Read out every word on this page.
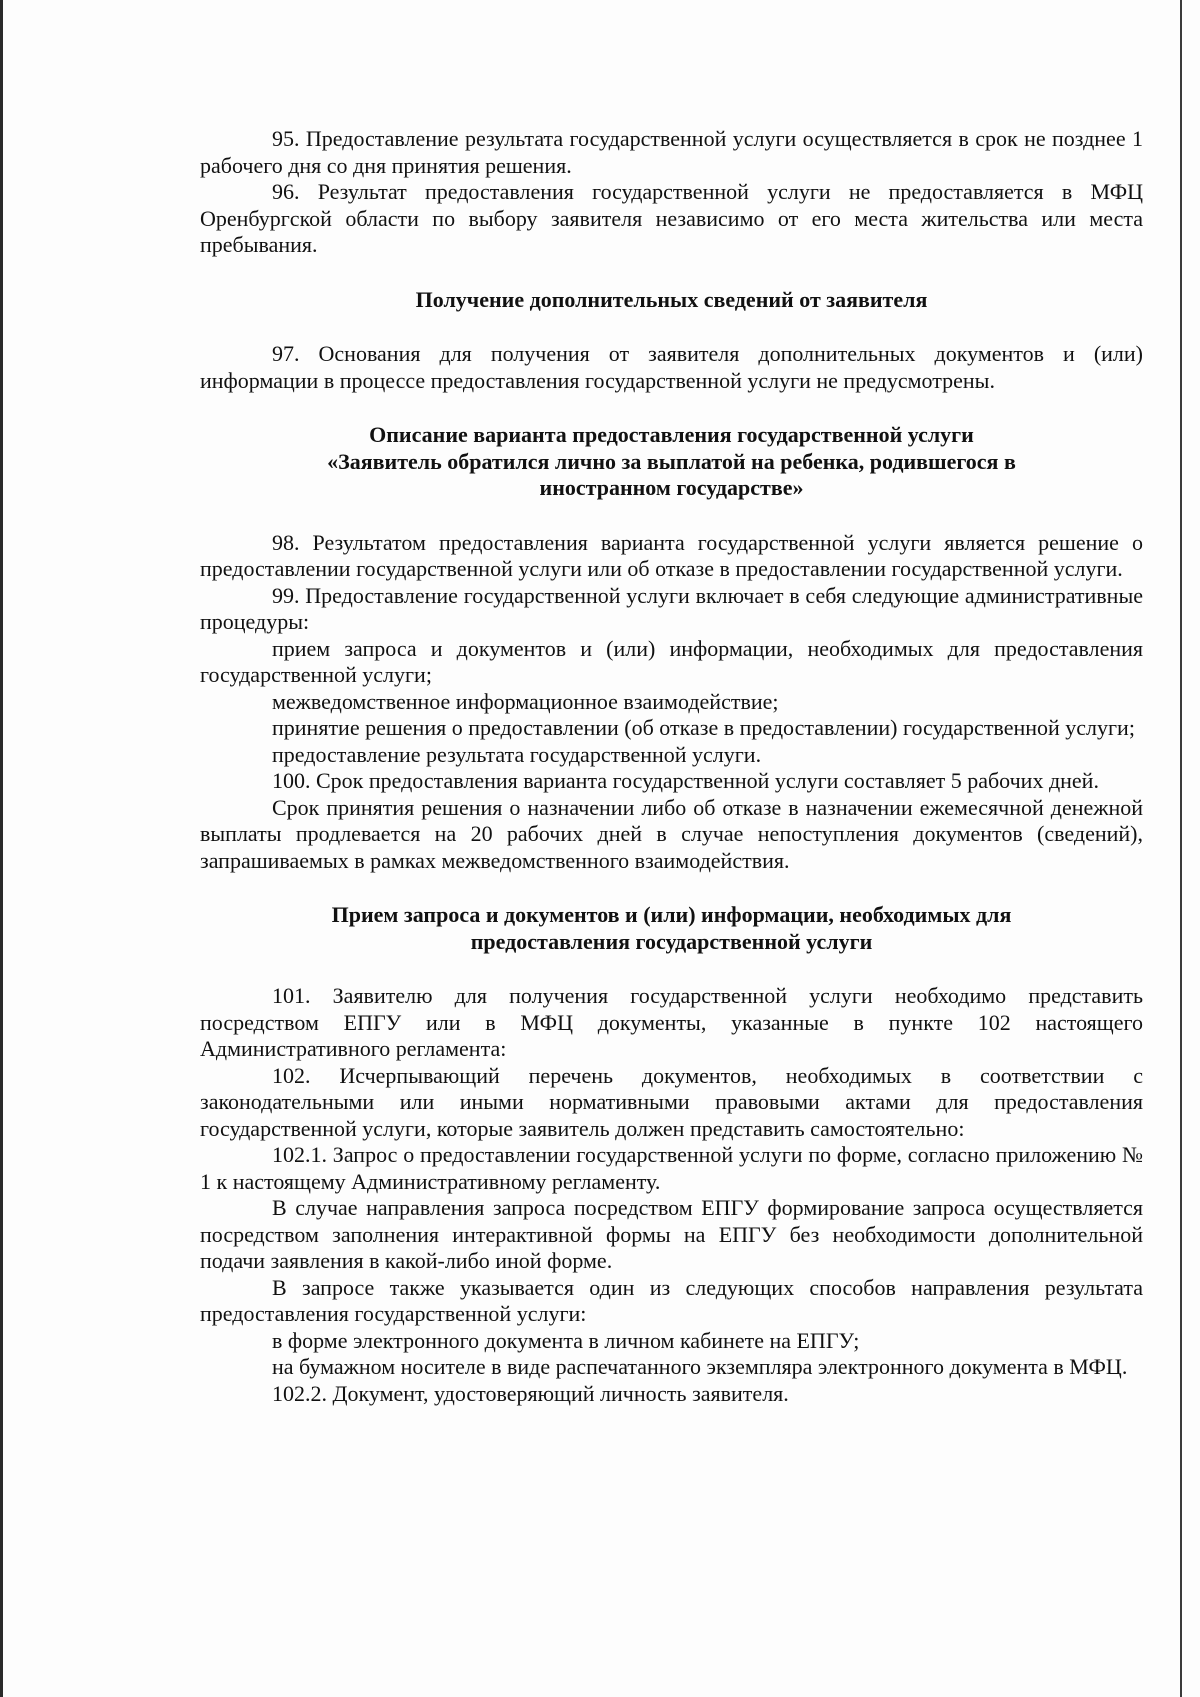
95. Предоставление результата государственной услуги осуществляется в срок не позднее 1 рабочего дня со дня принятия решения.

96. Результат предоставления государственной услуги не предоставляется в МФЦ Оренбургской области по выбору заявителя независимо от его места жительства или места пребывания.

Получение дополнительных сведений от заявителя

97. Основания для получения от заявителя дополнительных документов и (или) информации в процессе предоставления государственной услуги не предусмотрены.

Описание варианта предоставления государственной услуги
«Заявитель обратился лично за выплатой на ребенка, родившегося в
иностранном государстве»

98. Результатом предоставления варианта государственной услуги является решение о предоставлении государственной услуги или об отказе в предоставлении государственной услуги.

99. Предоставление государственной услуги включает в себя следующие административные процедуры:

прием запроса и документов и (или) информации, необходимых для предоставления государственной услуги;

межведомственное информационное взаимодействие;

принятие решения о предоставлении (об отказе в предоставлении) государственной услуги;

предоставление результата государственной услуги.

100. Срок предоставления варианта государственной услуги составляет 5 рабочих дней.

Срок принятия решения о назначении либо об отказе в назначении ежемесячной денежной выплаты продлевается на 20 рабочих дней в случае непоступления документов (сведений), запрашиваемых в рамках межведомственного взаимодействия.

Прием запроса и документов и (или) информации, необходимых для
предоставления государственной услуги

101. Заявителю для получения государственной услуги необходимо представить посредством ЕПГУ или в МФЦ документы, указанные в пункте 102 настоящего Административного регламента:

102. Исчерпывающий перечень документов, необходимых в соответствии с законодательными или иными нормативными правовыми актами для предоставления государственной услуги, которые заявитель должен представить самостоятельно:

102.1. Запрос о предоставлении государственной услуги по форме, согласно приложению № 1 к настоящему Административному регламенту.

В случае направления запроса посредством ЕПГУ формирование запроса осуществляется посредством заполнения интерактивной формы на ЕПГУ без необходимости дополнительной подачи заявления в какой-либо иной форме.

В запросе также указывается один из следующих способов направления результата предоставления государственной услуги:

в форме электронного документа в личном кабинете на ЕПГУ;

на бумажном носителе в виде распечатанного экземпляра электронного документа в МФЦ.

102.2. Документ, удостоверяющий личность заявителя.
